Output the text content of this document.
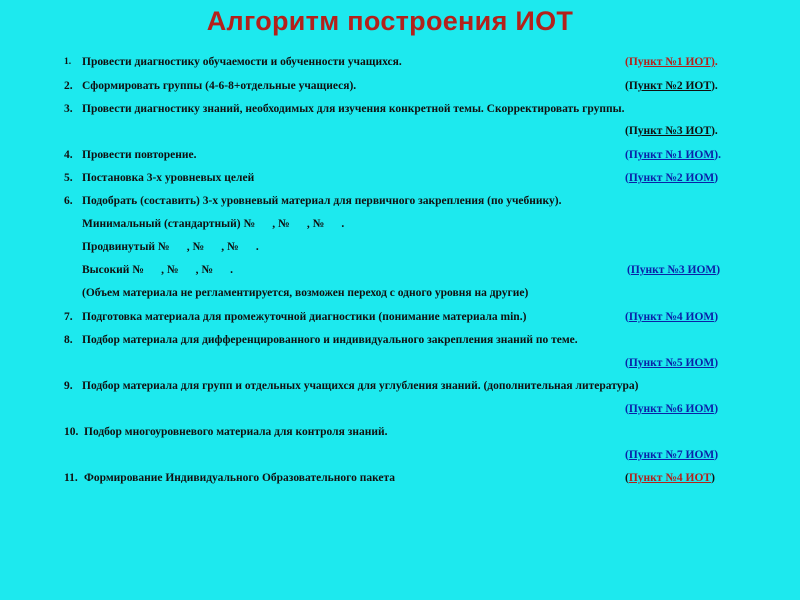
Алгоритм построения ИОТ
1. Провести диагностику обучаемости и обученности учащихся.	(Пункт №1 ИОТ).
2. Сформировать группы (4-6-8+отдельные учащиеся).	(Пункт №2 ИОТ).
3. Провести диагностику знаний, необходимых для изучения конкретной темы. Скорректировать группы.
(Пункт №3 ИОТ).
4. Провести повторение.	(Пункт №1 ИОМ).
5. Постановка 3-х уровневых целей	(Пункт №2 ИОМ)
6. Подобрать (составить) 3-х уровневый материал для первичного закрепления (по учебнику).
Минимальный (стандартный) №      , №      , №      .
Продвинутый №      , №      , №      .
Высокий №      , №      , №      .	(Пункт №3 ИОМ)
(Объем материала не регламентируется, возможен переход с одного уровня на другие)
7. Подготовка материала для промежуточной диагностики (понимание материала min.)	(Пункт №4 ИОМ)
8. Подбор материала для дифференцированного и индивидуального закрепления знаний по теме.
(Пункт №5 ИОМ)
9. Подбор материала для групп и отдельных учащихся для углубления знаний. (дополнительная литература)
(Пункт №6 ИОМ)
10. Подбор многоуровневого материала для контроля знаний.
(Пункт №7 ИОМ)
11. Формирование Индивидуального Образовательного пакета	(Пункт №4 ИОТ)
